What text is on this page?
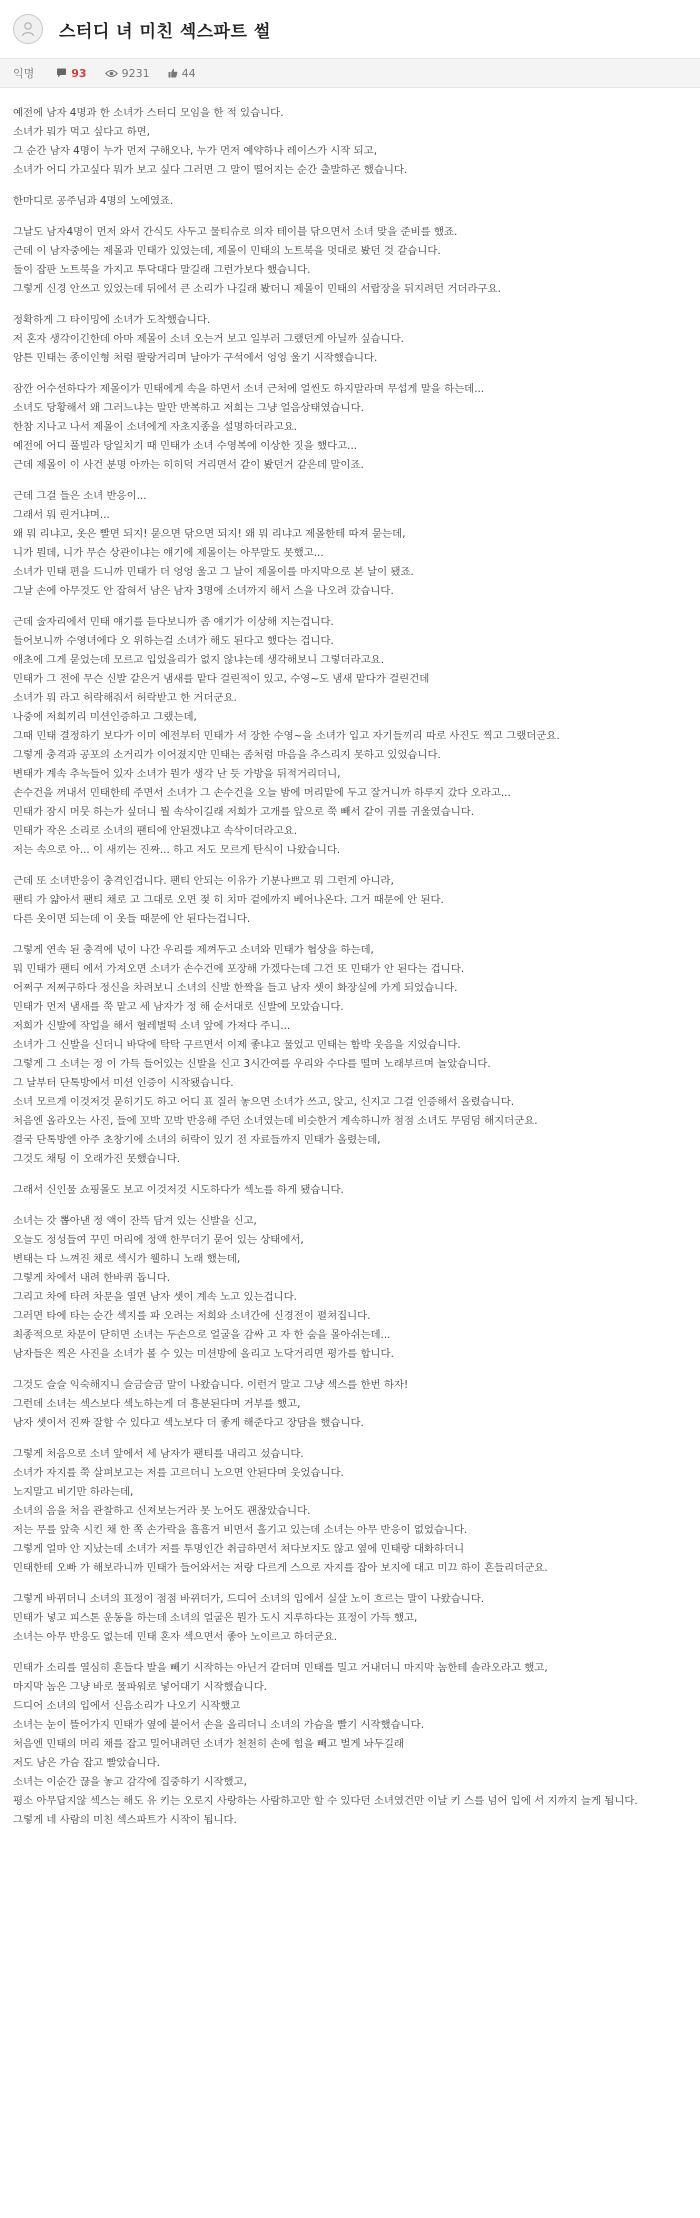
스터디 녀 미친 섹스파트 썰
익명	93	9231	44
예전에 남자 4명과 한 소녀가 스터디 모임을 한 적 있습니다.
소녀가 뭐가 먹고 싶다고 하면,
그 순간 남자 4명이 누가 먼저 구해오나, 누가 먼저 예약하나 레이스가 시작 되고,
소녀가 어디 가고싶다 뭐가 보고 싶다 그러면 그 말이 떨어지는 순간 출발하곤 했습니다.
한마디로 공주님과 4명의 노예였죠.
그날도 남자4명이 먼저 와서 간식도 사두고 물티슈로 의자 테이블 닦으면서 소녀 맞을 준비를 했죠.
근데 이 남자중에는 제몰과 민태가 있었는데, 제몰이 민태의 노트북을 멋대로 봤던 것 같습니다.
둘이 잡판 노트북을 가지고 투닥대다 말길래 그런가보다 했습니다.
그렇게 신경 안쓰고 있었는데 뒤에서 큰 소리가 나길래 봤더니 제몰이 민태의 서랍장을 뒤지려던 거더라구요.
정확하게 그 타이밍에 소녀가 도착했습니다.
저 혼자 생각이긴한데 아마 제몰이 소녀 오는거 보고 일부러 그랬던게 아닐까 싶습니다.
암튼 민태는 종이인형 처럼 팔랑거리며 날아가 구석에서 엉엉 울기 시작했습니다.
잠깐 어수선하다가 제몰이가 민태에게 속을 하면서 소녀 근처에 얼씬도 하지말라며 무섭게 말을 하는데...
소녀도 당황해서 왜 그러느냐는 말만 반복하고 저희는 그냥 얼음상태였습니다.
한참 지나고 나서 제몰이 소녀에게 자초지종을 설명하더라고요.
예전에 어디 풀빌라 당일치기 때 민태가 소녀 수영복에 이상한 짓을 했다고...
근데 제몰이 이 사건 분명 아까는 히히덕 거리면서 같이 봤던거 같은데 말이죠.
근데 그걸 들은 소녀 반응이...
그래서 뭐 린거냐며...
왜 뭐 리냐고, 옷은 빨면 되지! 묻으면 닦으면 되지! 왜 뭐 리냐고 제몰한테 따져 묻는데,
니가 뭔데, 니가 무슨 상관이냐는 얘기에 제몰이는 아무말도 못했고...
소녀가 민태 편을 드니까 민태가 더 엉엉 울고 그 날이 제몰이를 마지막으로 본 날이 됐죠.
그날 손에 아무것도 안 잡혀서 남은 남자 3명에 소녀까지 해서 스을 나오려 갔습니다.
근데 술자리에서 민태 얘기를 듣다보니까 좀 얘기가 이상해 지는겁니다.
들어보니까 수영녀에다 오 위하는걸 소녀가 해도 된다고 했다는 겁니다.
애초에 그게 묻었는데 모르고 입었을리가 없지 않냐는데 생각해보니 그렇더라고요.
민태가 그 전에 무슨 신발 같은거 냄새를 맡다 걸린적이 있고, 수영~도 냄새 맡다가 걸린건데
소녀가 뭐 라고 허락해줘서 허락받고 한 거더군요.
나중에 저희끼리 미션인증하고 그랬는데,
그때 민태 결정하기 보다가 이미 예전부터 민태가 서 장한 수영~을 소녀가 입고 자기들끼리 따로 사진도 찍고 그랬더군요.
그렇게 충격과 공포의 소거리가 이어졌지만 민태는 좀처럼 마음을 추스리지 못하고 있었습니다.
변태가 계속 추녹들어 있자 소녀가 뭔가 생각 난 듯 가방을 뒤적거리더니,
손수건을 꺼내서 민태한테 주면서 소녀가 그 손수건을 오늘 밤에 머리맡에 두고 잘거니까 하루지 갔다 오라고...
민태가 잠시 머뭇 하는가 싶더니 뭘 속삭이길래 저희가 고개를 앞으로 쭉 빼서 같이 귀를 귀울였습니다.
민태가 작은 소리로 소녀의 팬티에 안된겠냐고 속삭이더라고요.
저는 속으로 아... 이 새끼는 진짜... 하고 저도 모르게 탄식이 나왔습니다.
근데 또 소녀반응이 충격인겁니다. 팬티 안되는 이유가 기분나쁘고 뭐 그런게 아니라,
팬티 가 얇아서 팬티 채로 고 그대로 오면 젖 히 치마 겉에까지 베어나온다. 그거 때문에 안 된다.
다른 옷이면 되는데 이 옷들 때문에 안 된다는겁니다.
그렇게 연속 된 충격에 넋이 나간 우리를 제껴두고 소녀와 민태가 협상을 하는데,
뭐 민태가 팬티 에서 가져오면 소녀가 손수건에 포장해 가겠다는데 그건 또 민태가 안 된다는 겁니다.
어쩌구 저쩌구하다 정신을 차려보니 소녀의 신발 한짝을 들고 남자 셋이 화장실에 가게 되었습니다.
민태가 먼저 냄새를 쭉 맡고 세 남자가 정 해 순서대로 신발에 모았습니다.
저희가 신발에 작업을 해서 혈레벌떡 소녀 앞에 가져다 주니...
소녀가 그 신발을 신더니 바닥에 탁탁 구르면서 이제 좋냐고 물었고 민태는 함박 웃음을 지었습니다.
그렇게 그 소녀는 정 이 가득 들어있는 신발을 신고 3시간여를 우리와 수다를 떨며 노래부르며 놀았습니다.
그 날부터 단톡방에서 미션 인증이 시작됐습니다.
소녀 모르게 이것저것 묻히기도 하고 어디 표 질러 놓으면 소녀가 쓰고, 앉고, 신지고 그걸 인증해서 올렸습니다.
처음엔 올라오는 사진, 들에 꼬박 꼬박 반응해 주던 소녀였는데 비슷한거 계속하니까 점점 소녀도 무덤덤 해지더군요.
결국 단톡방엔 아주 초창기에 소녀의 허락이 있기 전 자료들까지 민태가 올렸는데,
그것도 채팅 이 오래가진 못했습니다.
그래서 신인물 쇼핑몰도 보고 이것저것 시도하다가 섹노를 하게 됐습니다.
소녀는 갓 뽑아낸 정 액이 잔뜩 담겨 있는 신발을 신고,
오늘도 정성들여 꾸민 머리에 정액 한무더기 묻어 있는 상태에서,
변태는 다 느껴진 채로 섹시가 웰하니 노래 했는데,
그렇게 차에서 내려 한바퀴 돕니다.
그리고 차에 타려 차문을 열면 남자 셋이 계속 노고 있는겁니다.
그러면 타에 타는 순간 섹지를 파 오려는 저희와 소녀간에 신경전이 펼쳐집니다.
최종적으로 차문이 닫히면 소녀는 두손으로 얼굴을 감싸 고 자 한 숨을 몰아쉬는데...
남자들은 찍은 사진을 소녀가 볼 수 있는 미션방에 올리고 노닥거리면 평가를 합니다.
그것도 슬슬 익숙해지니 슬금슬금 말이 나왔습니다. 이런거 말고 그냥 섹스를 한번 하자!
그런데 소녀는 섹스보다 섹노하는게 더 흥분된다며 거부를 했고,
남자 셋이서 진짜 잘할 수 있다고 섹노보다 더 좋게 해준다고 장담을 했습니다.
그렇게 처음으로 소녀 앞에서 세 남자가 팬티를 내리고 섰습니다.
소녀가 자지를 쭉 살펴보고는 저를 고르더니 노으면 안된다며 웃었습니다.
노지말고 비기만 하라는데,
소녀의 음을 처음 관찰하고 신져보는거라 못 노어도 괜찮았습니다.
저는 무를 앞축 시킨 채 한 쪽 손가락을 흠흠거 비면서 흘기고 있는데 소녀는 아무 반응이 없었습니다.
그렇게 얼마 안 지났는데 소녀가 저를 투명인간 취급하면서 쳐다보지도 않고 옆에 민태랑 대화하더니
민태한테 오빠 가 해보라니까 민태가 들어와서는 저랑 다르게 스으로 자지를 잡아 보지에 대고 미끄 하이 흔들리더군요.
그렇게 바뀌더니 소녀의 표정이 점점 바뀌더가, 드디어 소녀의 입에서 실살 노이 흐르는 말이 나왔습니다.
민태가 넣고 피스톤 운동을 하는데 소녀의 얼굴은 뭔가 도시 지루하다는 표정이 가득 했고,
소녀는 아무 반응도 없는데 민태 혼자 섹으면서 좋아 노이르고 하더군요.
민태가 소리를 열심히 흔들다 발을 빼기 시작하는 아닌거 같더며 민태를 밀고 거내더니 마지막 놈한테 솔라오라고 했고,
마지막 놈은 그냥 바로 물파워로 넣어대기 시작했습니다.
드디어 소녀의 입에서 신음소리가 나오기 시작했고
소녀는 눈이 뜰어가지 민태가 옆에 붙어서 손을 올리더니 소녀의 가슴을 빨기 시작했습니다.
처음엔 민태의 머리 채를 잡고 밀어내려던 소녀가 천천히 손에 힘을 빼고 벌게 놔두길래
저도 남은 가슴 잡고 빨았습니다.
소녀는 이순간 끊을 놓고 감각에 집중하기 시작했고,
평소 아무답지않 섹스는 해도 유 키는 오로지 사랑하는 사람하고만 할 수 있다던 소녀였건만 이날 키 스를 넘어 입에 서 지까지 늘게 됩니다.
그렇게 네 사람의 미친 섹스파트가 시작이 됩니다.
